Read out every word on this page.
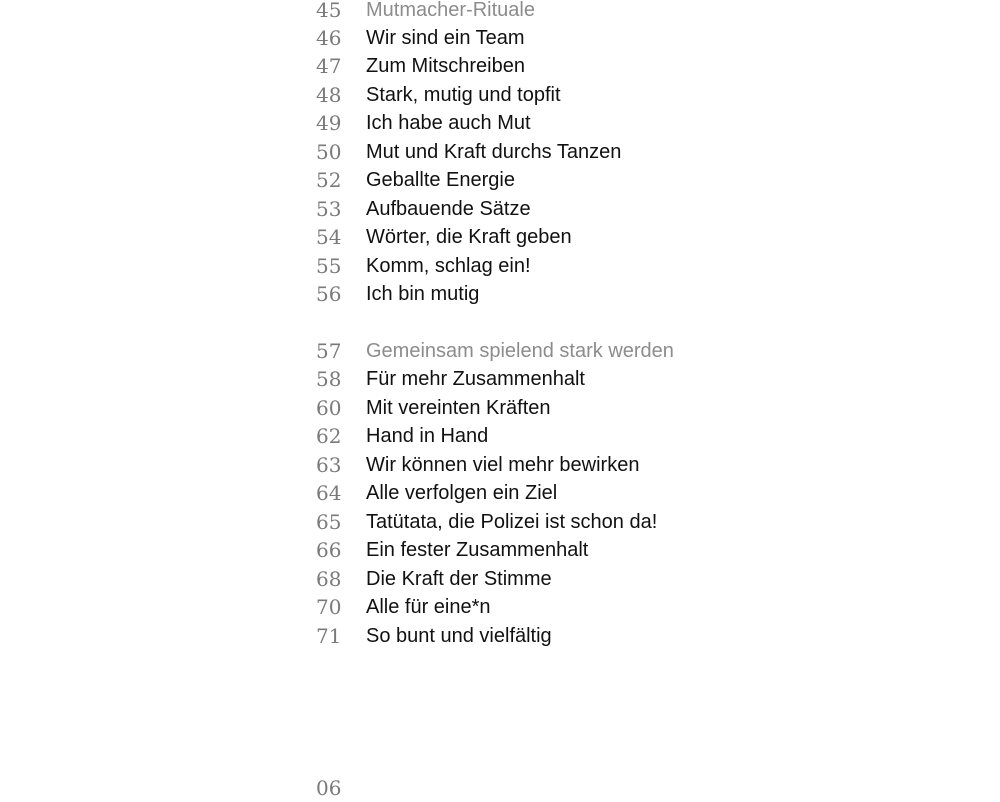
45	Mutmacher-Rituale
46	Wir sind ein Team
47	Zum Mitschreiben
48	Stark, mutig und topfit
49	Ich habe auch Mut
50	Mut und Kraft durchs Tanzen
52	Geballte Energie
53	Aufbauende Sätze
54	Wörter, die Kraft geben
55	Komm, schlag ein!
56	Ich bin mutig
57	Gemeinsam spielend stark werden
58	Für mehr Zusammenhalt
60	Mit vereinten Kräften
62	Hand in Hand
63	Wir können viel mehr bewirken
64	Alle verfolgen ein Ziel
65	Tatütata, die Polizei ist schon da!
66	Ein fester Zusammenhalt
68	Die Kraft der Stimme
70	Alle für eine*n
71	So bunt und vielfältig
06
